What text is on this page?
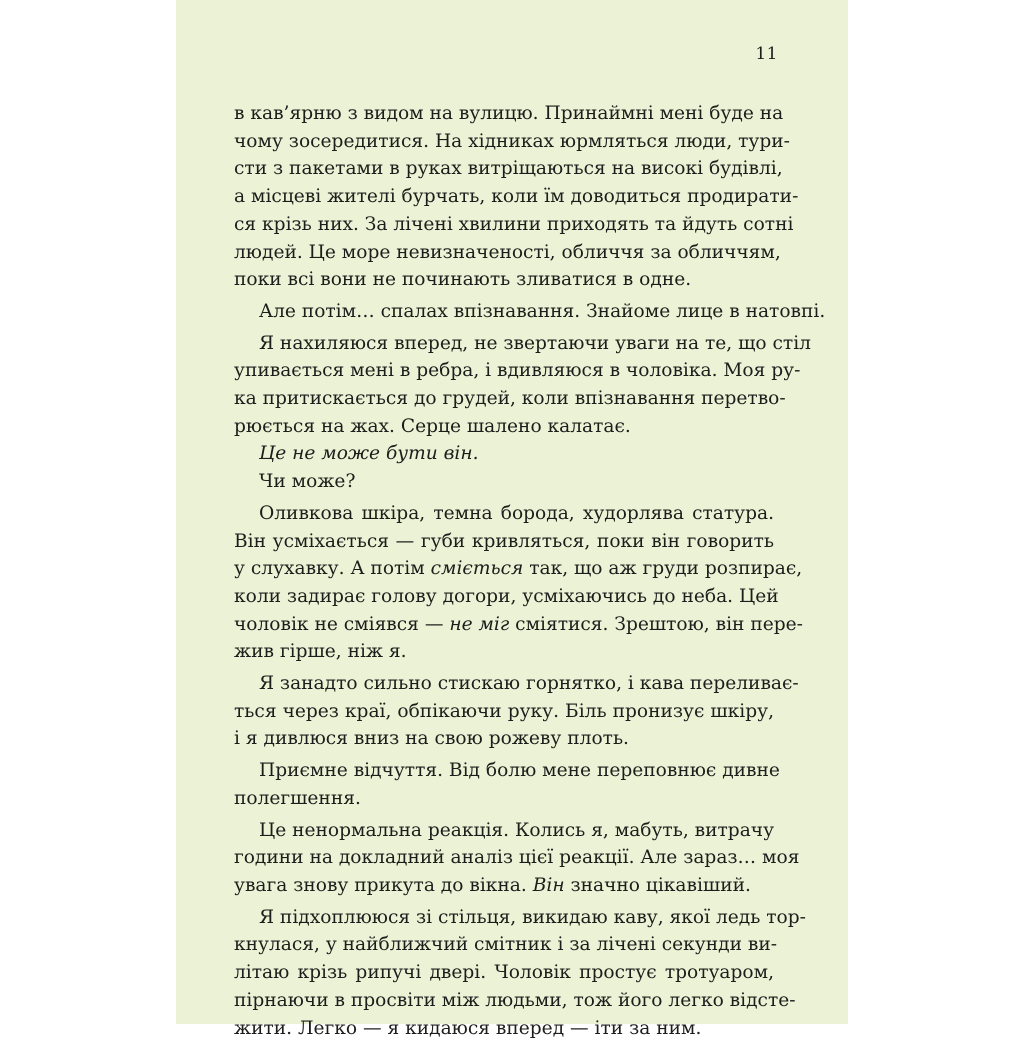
11
в кав’ярню з видом на вулицю. Принаймні мені буде на
чому зосередитися. На хідниках юрмляться люди, тури-
сти з пакетами в руках витріщаються на високі будівлі,
а місцеві жителі бурчать, коли їм доводиться продирати-
ся крізь них. За лічені хвилини приходять та йдуть сотні
людей. Це море невизначеності, обличчя за обличчям,
поки всі вони не починають зливатися в одне.
Але потім… спалах впізнавання. Знайоме лице в натовпі.
Я нахиляюся вперед, не звертаючи уваги на те, що стіл
упивається мені в ребра, і вдивляюся в чоловіка. Моя ру-
ка притискається до грудей, коли впізнавання перетво-
рюється на жах. Серце шалено калатає.
Це не може бути він.
Чи може?
Оливкова шкіра, темна борода, худорлява статура.
Він усміхається — губи кривляться, поки він говорить
у слухавку. А потім сміється так, що аж груди розпирає,
коли задирає голову догори, усміхаючись до неба. Цей
чоловік не сміявся — не міг сміятися. Зрештою, він пере-
жив гірше, ніж я.
Я занадто сильно стискаю горнятко, і кава переливає-
ться через краї, обпікаючи руку. Біль пронизує шкіру,
і я дивлюся вниз на свою рожеву плоть.
Приємне відчуття. Від болю мене переповнює дивне
полегшення.
Це ненормальна реакція. Колись я, мабуть, витрачу
години на докладний аналіз цієї реакції. Але зараз… моя
увага знову прикута до вікна. Він значно цікавіший.
Я підхоплююся зі стільця, викидаю каву, якої ледь тор-
кнулася, у найближчий смітник і за лічені секунди ви-
літаю крізь рипучі двері. Чоловік простує тротуаром,
пірнаючи в просвіти між людьми, тож його легко відсте-
жити. Легко — я кидаюся вперед — іти за ним.
